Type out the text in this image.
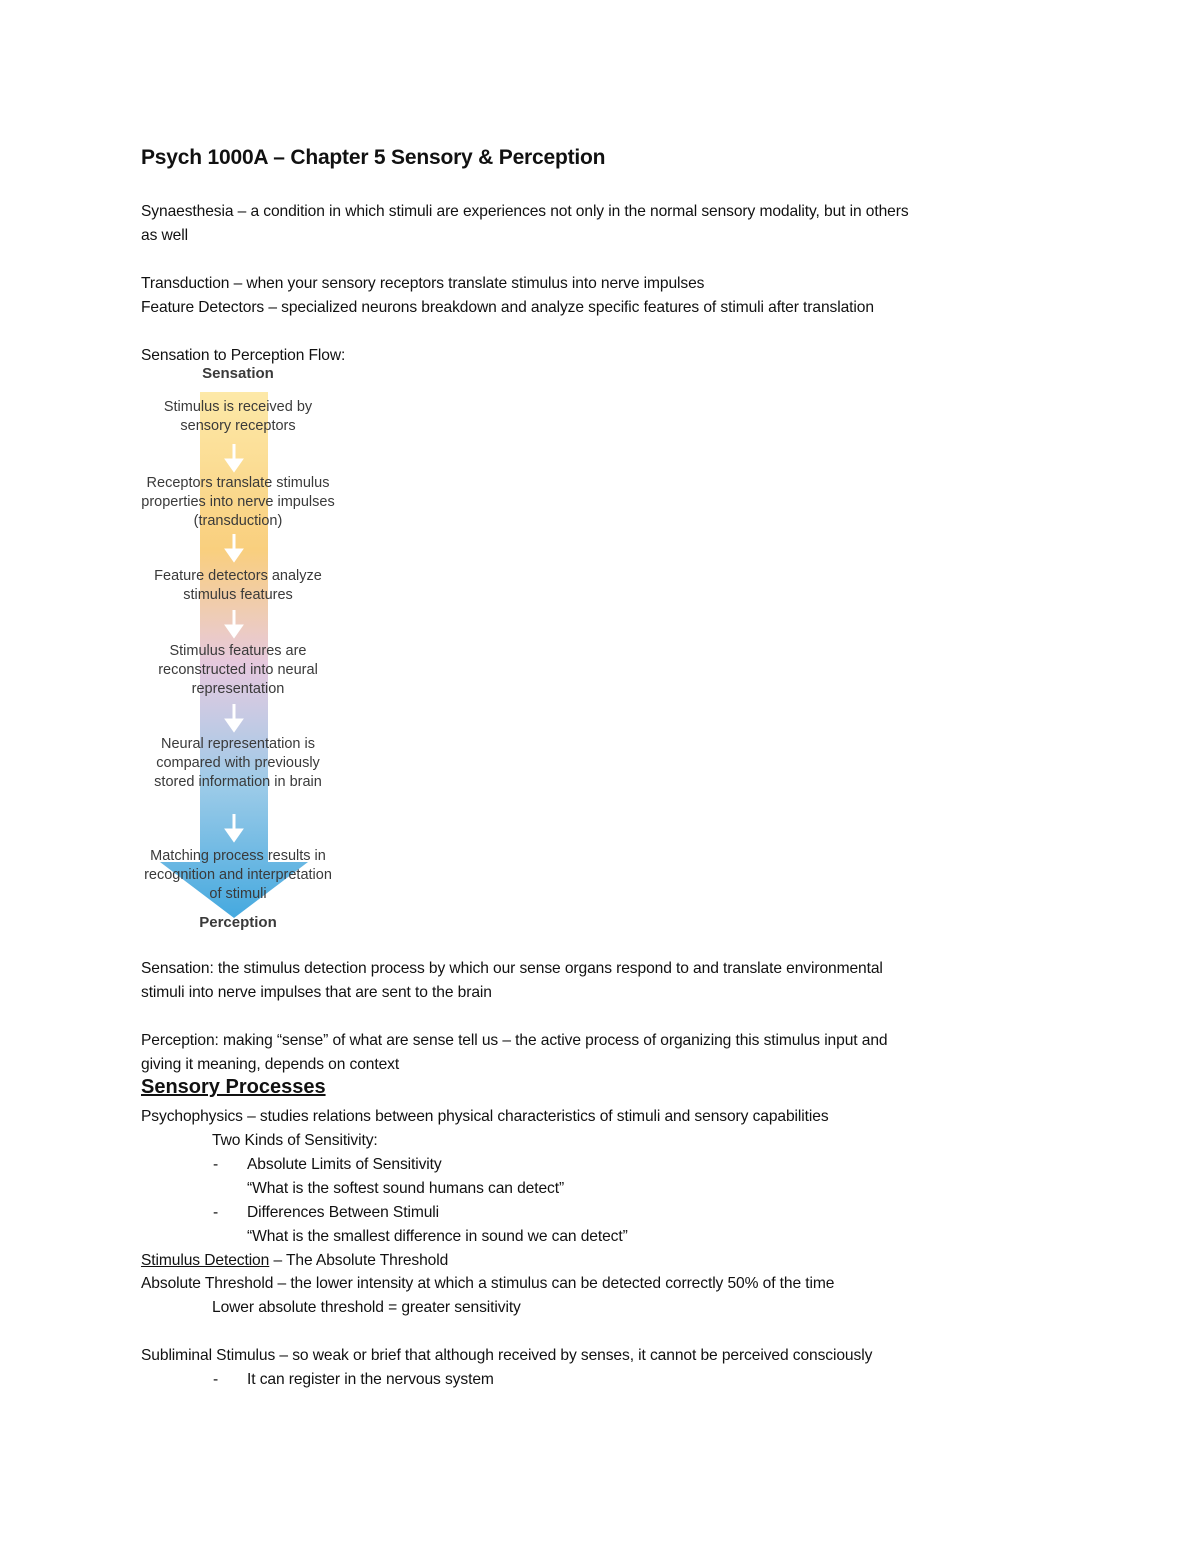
Psych 1000A – Chapter 5 Sensory & Perception
Synaesthesia – a condition in which stimuli are experiences not only in the normal sensory modality, but in others
as well
Transduction – when your sensory receptors translate stimulus into nerve impulses
Feature Detectors – specialized neurons breakdown and analyze specific features of stimuli after translation
Sensation to Perception Flow:
Sensation
Stimulus is received by sensory receptors
Receptors translate stimulus properties into nerve impulses (transduction)
Feature detectors analyze stimulus features
Stimulus features are reconstructed into neural representation
Neural representation is compared with previously stored information in brain
Matching process results in recognition and interpretation of stimuli
Perception
Sensation: the stimulus detection process by which our sense organs respond to and translate environmental
stimuli into nerve impulses that are sent to the brain
Perception: making “sense” of what are sense tell us – the active process of organizing this stimulus input and
giving it meaning, depends on context
Sensory Processes
Psychophysics – studies relations between physical characteristics of stimuli and sensory capabilities
Two Kinds of Sensitivity:
- Absolute Limits of Sensitivity
“What is the softest sound humans can detect”
- Differences Between Stimuli
“What is the smallest difference in sound we can detect”
Stimulus Detection – The Absolute Threshold
Absolute Threshold – the lower intensity at which a stimulus can be detected correctly 50% of the time
Lower absolute threshold = greater sensitivity
Subliminal Stimulus – so weak or brief that although received by senses, it cannot be perceived consciously
- It can register in the nervous system
